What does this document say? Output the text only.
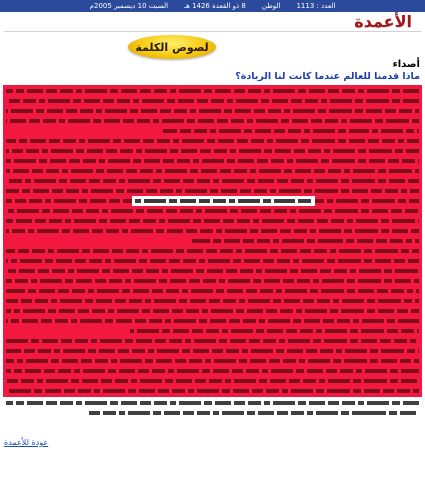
العدد : 1113
الوطن
8 ذو القعدة 1426 هـ
السبت 10 ديسمبر 2005م
الأعمدة
لصوص الكلمة
أصداء
ماذا قدمنا للعالم عندما كانت لنا الريادة؟
عودة للأعمدة
